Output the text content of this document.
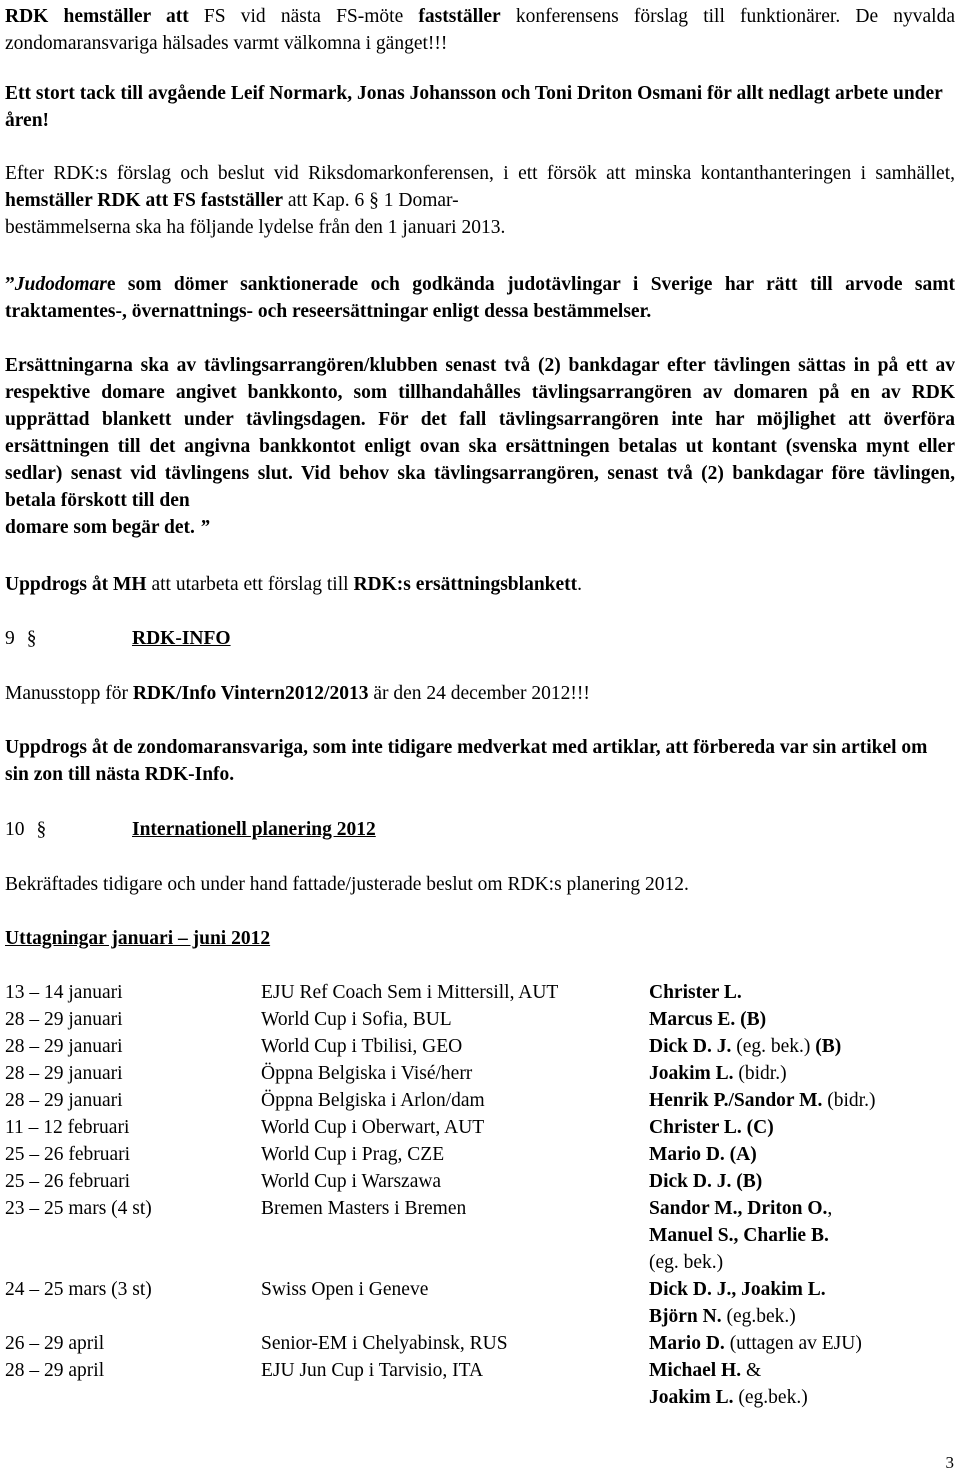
RDK hemställer att FS vid nästa FS-möte fastställer konferensens förslag till funktionärer. De nyvalda zondomaransvariga hälsades varmt välkomna i gänget!!!

Ett stort tack till avgående Leif Normark, Jonas Johansson och Toni Driton Osmani för allt nedlagt arbete under åren!

Efter RDK:s förslag och beslut vid Riksdomarkonferensen, i ett försök att minska kontanthanteringen i samhället, hemställer RDK att FS fastställer att Kap. 6 § 1 Domar-
bestämmelserna ska ha följande lydelse från den 1 januari 2013.

”Judodomare som dömer sanktionerade och godkända judotävlingar i Sverige har rätt till arvode samt traktamentes-, övernattnings- och reseersättningar enligt dessa bestämmelser.

Ersättningarna ska av tävlingsarrangören/klubben senast två (2) bankdagar efter tävlingen sättas in på ett av respektive domare angivet bankkonto, som tillhandahålles tävlingsarrangören av domaren på en av RDK upprättad blankett under tävlingsdagen. För det fall tävlingsarrangören inte har möjlighet att överföra ersättningen till det angivna bankkontot enligt ovan ska ersättningen betalas ut kontant (svenska mynt eller sedlar) senast vid tävlingens slut. Vid behov ska tävlingsarrangören, senast två (2) bankdagar före tävlingen, betala förskott till den
domare som begär det. ”

Uppdrogs åt MH att utarbeta ett förslag till RDK:s ersättningsblankett.

9 §	RDK-INFO

Manusstopp för RDK/Info Vintern2012/2013 är den 24 december 2012!!!

Uppdrogs åt de zondomaransvariga, som inte tidigare medverkat med artiklar, att förbereda var sin artikel om sin zon till nästa RDK-Info.

10 §	Internationell planering 2012

Bekräftades tidigare och under hand fattade/justerade beslut om RDK:s planering 2012.

Uttagningar januari – juni 2012

13 – 14 januari	EJU Ref Coach Sem i Mittersill, AUT	Christer L.

28 – 29 januari	World Cup i Sofia, BUL	Marcus E. (B)

28 – 29 januari	World Cup i Tbilisi, GEO	Dick D. J. (eg. bek.) (B)

28 – 29 januari	Öppna Belgiska i Visé/herr	Joakim L. (bidr.)

28 – 29 januari	Öppna Belgiska i Arlon/dam	Henrik P./Sandor M. (bidr.)

11 – 12 februari	World Cup i Oberwart, AUT	Christer L. (C)

25 – 26 februari	World Cup i Prag, CZE	Mario D. (A)

25 – 26 februari	World Cup i Warszawa	Dick D. J. (B)

23 – 25 mars (4 st)	Bremen Masters i Bremen	Sandor M., Driton O.,
Manuel S., Charlie B.
(eg. bek.)

24 – 25 mars (3 st)	Swiss Open i Geneve	Dick D. J., Joakim L.
Björn N. (eg.bek.)

26 – 29 april	Senior-EM i Chelyabinsk, RUS	Mario D. (uttagen av EJU)

28 – 29 april	EJU Jun Cup i Tarvisio, ITA	Michael H. &
Joakim L. (eg.bek.)
3
